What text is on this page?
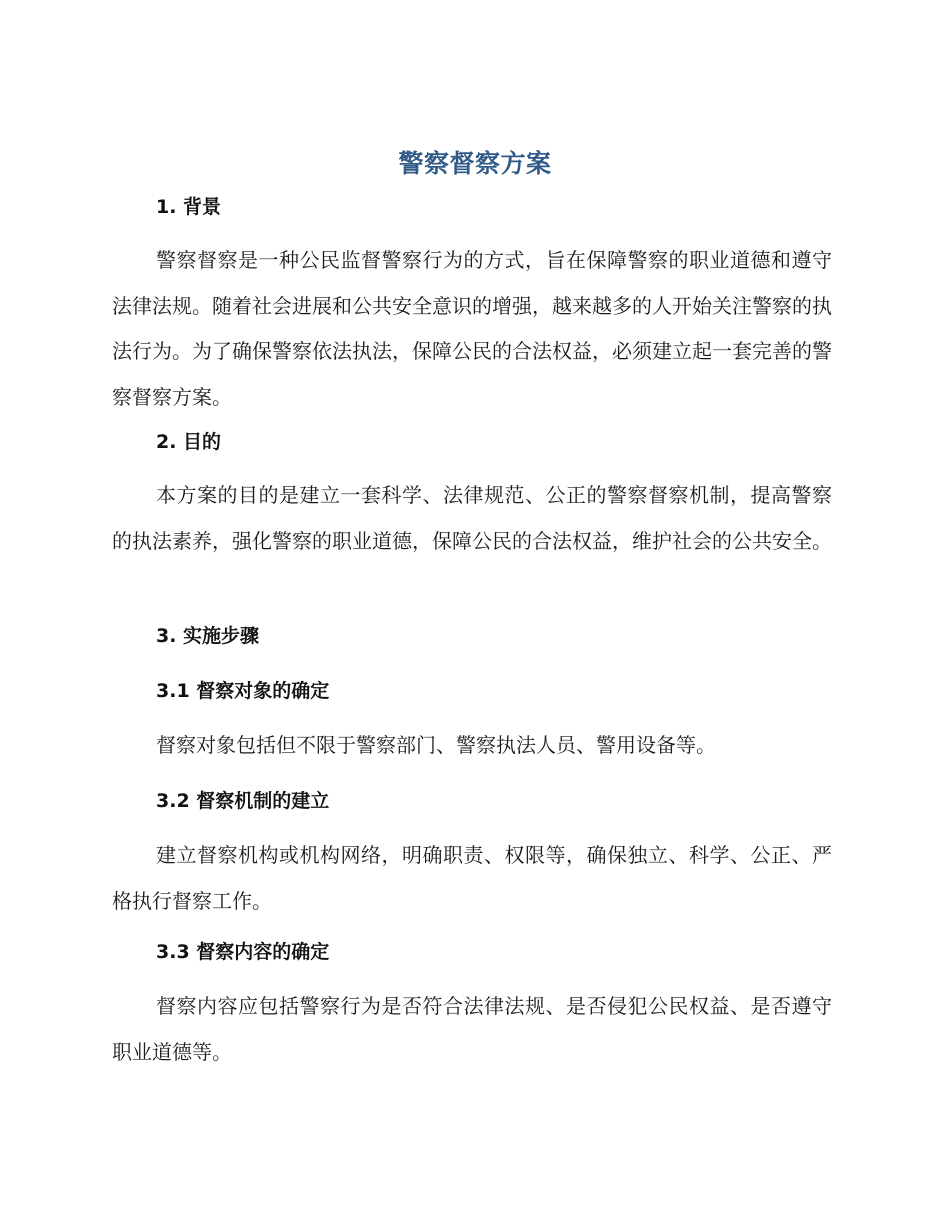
警察督察方案
1. 背景

警察督察是一种公民监督警察行为的方式，旨在保障警察的职业道德和遵守法律法规。随着社会进展和公共安全意识的增强，越来越多的人开始关注警察的执法行为。为了确保警察依法执法，保障公民的合法权益，必须建立起一套完善的警察督察方案。

2. 目的

本方案的目的是建立一套科学、法律规范、公正的警察督察机制，提高警察的执法素养，强化警察的职业道德，保障公民的合法权益，维护社会的公共安全。

3. 实施步骤
3.1 督察对象的确定

督察对象包括但不限于警察部门、警察执法人员、警用设备等。

3.2 督察机制的建立

建立督察机构或机构网络，明确职责、权限等，确保独立、科学、公正、严格执行督察工作。

3.3 督察内容的确定

督察内容应包括警察行为是否符合法律法规、是否侵犯公民权益、是否遵守职业道德等。
